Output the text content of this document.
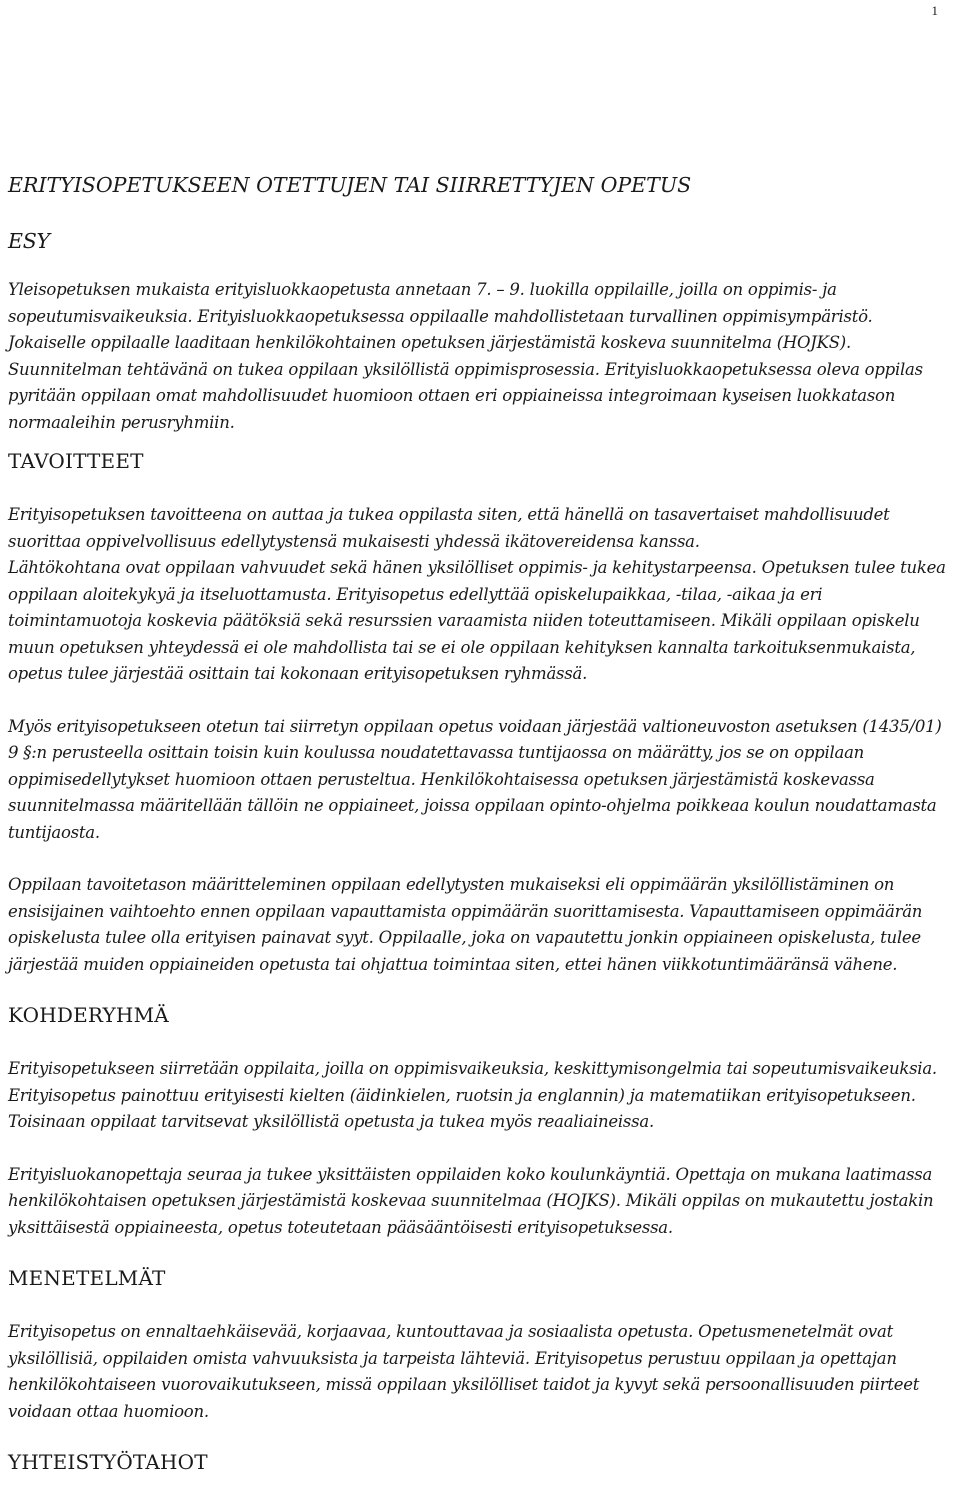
1
ERITYISOPETUKSEEN OTETTUJEN TAI SIIRRETTYJEN OPETUS
ESY

Yleisopetuksen mukaista erityisluokkaopetusta annetaan 7. – 9. luokilla oppilaille, joilla on oppimis- ja sopeutumisvaikeuksia. Erityisluokkaopetuksessa oppilaalle mahdollistetaan turvallinen oppimisympäristö. Jokaiselle oppilaalle laaditaan henkilökohtainen opetuksen järjestämistä koskeva suunnitelma (HOJKS). Suunnitelman tehtävänä on tukea oppilaan yksilöllistä oppimisprosessia. Erityisluokkaopetuksessa oleva oppilas pyritään oppilaan omat mahdollisuudet huomioon ottaen eri oppiaineissa integroimaan kyseisen luokkatason normaaleihin perusryhmiin.

TAVOITTEET

Erityisopetuksen tavoitteena on auttaa ja tukea oppilasta siten, että hänellä on tasavertaiset mahdollisuudet suorittaa oppivelvollisuus edellytystensä mukaisesti yhdessä ikätovereidensa kanssa.

Lähtökohtana ovat oppilaan vahvuudet sekä hänen yksilölliset oppimis- ja kehitystarpeensa. Opetuksen tulee tukea oppilaan aloitekykyä ja itseluottamusta. Erityisopetus edellyttää opiskelupaikkaa, -tilaa, -aikaa ja eri toimintamuotoja koskevia päätöksiä sekä resurssien varaamista niiden toteuttamiseen. Mikäli oppilaan opiskelu muun opetuksen yhteydessä ei ole mahdollista tai se ei ole oppilaan kehityksen kannalta tarkoituksenmukaista, opetus tulee järjestää osittain tai kokonaan erityisopetuksen ryhmässä.

Myös erityisopetukseen otetun tai siirretyn oppilaan opetus voidaan järjestää valtioneuvoston asetuksen (1435/01) 9 §:n perusteella osittain toisin kuin koulussa noudatettavassa tuntijaossa on määrätty, jos se on oppilaan oppimisedellytykset huomioon ottaen perusteltua. Henkilökohtaisessa opetuksen järjestämistä koskevassa suunnitelmassa määritellään tällöin ne oppiaineet, joissa oppilaan opinto-ohjelma poikkeaa koulun noudattamasta tuntijaosta.

Oppilaan tavoitetason määritteleminen oppilaan edellytysten mukaiseksi eli oppimäärän yksilöllistäminen on ensisijainen vaihtoehto ennen oppilaan vapauttamista oppimäärän suorittamisesta. Vapauttamiseen oppimäärän opiskelusta tulee olla erityisen painavat syyt. Oppilaalle, joka on vapautettu jonkin oppiaineen opiskelusta, tulee järjestää muiden oppiaineiden opetusta tai ohjattua toimintaa siten, ettei hänen viikkotuntimääränsä vähene.

KOHDERYHMÄ

Erityisopetukseen siirretään oppilaita, joilla on oppimisvaikeuksia, keskittymisongelmia tai sopeutumisvaikeuksia. Erityisopetus painottuu erityisesti kielten (äidinkielen, ruotsin ja englannin) ja matematiikan erityisopetukseen. Toisinaan oppilaat tarvitsevat yksilöllistä opetusta ja tukea myös reaaliaineissa.

Erityisluokanopettaja seuraa ja tukee yksittäisten oppilaiden koko koulunkäyntiä. Opettaja on mukana laatimassa henkilökohtaisen opetuksen järjestämistä koskevaa suunnitelmaa (HOJKS). Mikäli oppilas on mukautettu jostakin yksittäisestä oppiaineesta, opetus toteutetaan pääsääntöisesti erityisopetuksessa.

MENETELMÄT

Erityisopetus on ennaltaehkäisevää, korjaavaa, kuntouttavaa ja sosiaalista opetusta. Opetusmenetelmät ovat yksilöllisiä, oppilaiden omista vahvuuksista ja tarpeista lähteviä. Erityisopetus perustuu oppilaan ja opettajan henkilökohtaiseen vuorovaikutukseen, missä oppilaan yksilölliset taidot ja kyvyt sekä persoonallisuuden piirteet voidaan ottaa huomioon.

YHTEISTYÖTAHOT
